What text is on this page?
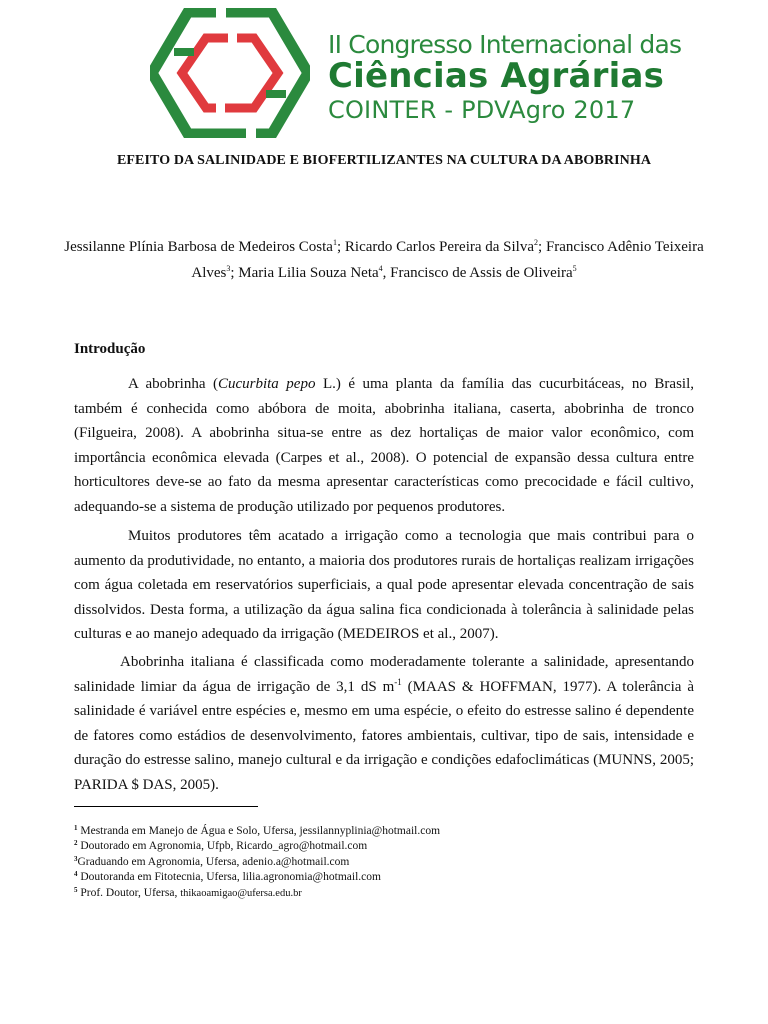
II Congresso Internacional das
Ciências Agrárias
COINTER - PDVAgro 2017
EFEITO DA SALINIDADE E BIOFERTILIZANTES NA CULTURA DA ABOBRINHA
Jessilanne Plínia Barbosa de Medeiros Costa$^1$; Ricardo Carlos Pereira da Silva$^2$; Francisco Adênio Teixeira Alves$^3$; Maria Lilia Souza Neta$^4$, Francisco de Assis de Oliveira$^5$
Introdução
A abobrinha (Cucurbita pepo L.) é uma planta da família das cucurbitáceas, no Brasil, também é conhecida como abóbora de moita, abobrinha italiana, caserta, abobrinha de tronco (Filgueira, 2008). A abobrinha situa-se entre as dez hortaliças de maior valor econômico, com importância econômica elevada (Carpes et al., 2008). O potencial de expansão dessa cultura entre horticultores deve-se ao fato da mesma apresentar características como precocidade e fácil cultivo, adequando-se a sistema de produção utilizado por pequenos produtores.
Muitos produtores têm acatado a irrigação como a tecnologia que mais contribui para o aumento da produtividade, no entanto, a maioria dos produtores rurais de hortaliças realizam irrigações com água coletada em reservatórios superficiais, a qual pode apresentar elevada concentração de sais dissolvidos. Desta forma, a utilização da água salina fica condicionada à tolerância à salinidade pelas culturas e ao manejo adequado da irrigação (MEDEIROS et al., 2007).
Abobrinha italiana é classificada como moderadamente tolerante a salinidade, apresentando salinidade limiar da água de irrigação de 3,1 dS $m^{-1}$ (MAAS & HOFFMAN, 1977). A tolerância à salinidade é variável entre espécies e, mesmo em uma espécie, o efeito do estresse salino é dependente de fatores como estádios de desenvolvimento, fatores ambientais, cultivar, tipo de sais, intensidade e duração do estresse salino, manejo cultural e da irrigação e condições edafoclimáticas (MUNNS, 2005; PARIDA $ DAS, 2005).
$^1$ Mestranda em Manejo de Água e Solo, Ufersa, jessilannyplinia@hotmail.com
$^2$ Doutorado em Agronomia, Ufpb, Ricardo_agro@hotmail.com
$^3$Graduando em Agronomia, Ufersa, adenio.a@hotmail.com
$^4$ Doutoranda em Fitotecnia, Ufersa, lilia.agronomia@hotmail.com
$^5$ Prof. Doutor, Ufersa, thikaoamigao@ufersa.edu.br
